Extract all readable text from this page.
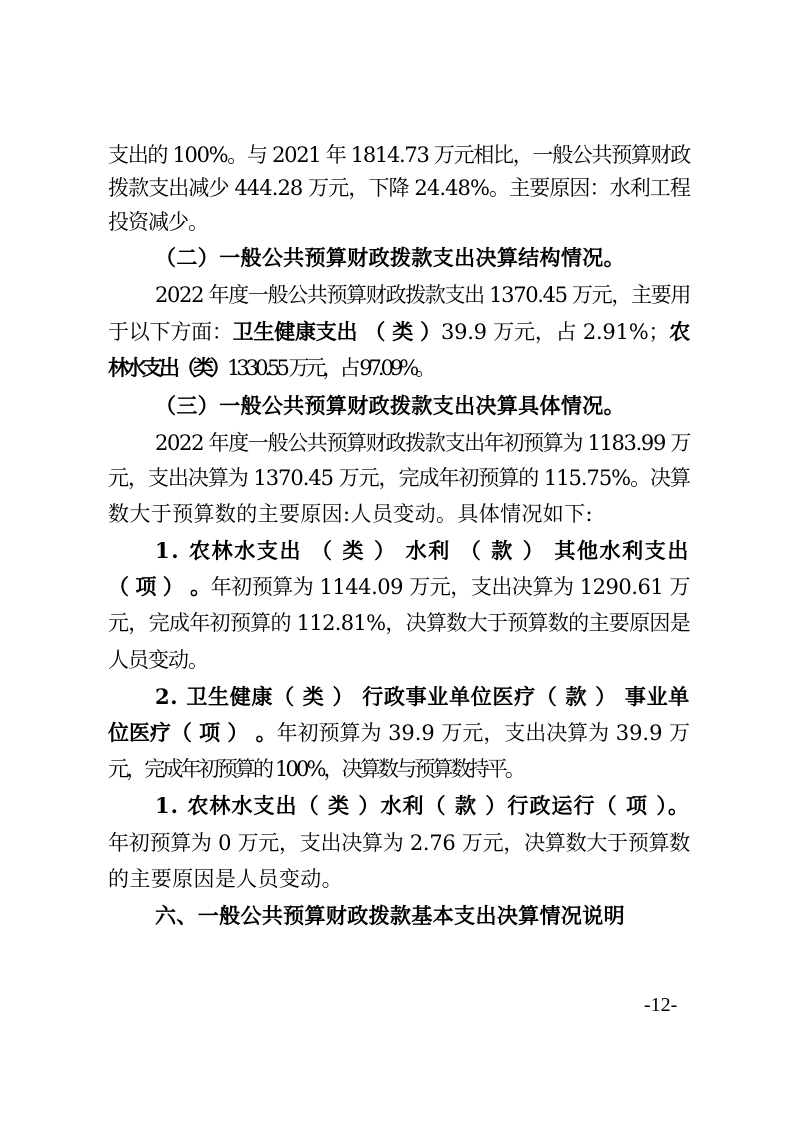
支出的 100%。与 2021 年 1814.73 万元相比，一般公共预算财政
拨款支出减少 444.28 万元，下降 24.48%。主要原因：水利工程
投资减少。
（二）一般公共预算财政拨款支出决算结构情况。
2022 年度一般公共预算财政拨款支出 1370.45 万元，主要用
于以下方面：卫生健康支出 （ 类 ）39.9 万元，占 2.91%；农
林水支出（类）1330.55 万元，占 97.09%。
（三）一般公共预算财政拨款支出决算具体情况。
2022 年度一般公共预算财政拨款支出年初预算为 1183.99 万
元，支出决算为 1370.45 万元，完成年初预算的 115.75%。决算
数大于预算数的主要原因:人员变动。具体情况如下:
1. 农林水支出 （ 类 ） 水利 （ 款 ） 其他水利支出
（ 项 ） 。年初预算为 1144.09 万元，支出决算为 1290.61 万
元，完成年初预算的 112.81%，决算数大于预算数的主要原因是
人员变动。
2. 卫生健康（ 类 ） 行政事业单位医疗（ 款 ） 事业单
位医疗（ 项 ） 。年初预算为 39.9 万元，支出决算为 39.9 万
元，完成年初预算的 100%，决算数与预算数持平。
1. 农林水支出（ 类 ）水利（ 款 ）行政运行（ 项 ）。
年初预算为 0 万元，支出决算为 2.76 万元，决算数大于预算数
的主要原因是人员变动。
六、一般公共预算财政拨款基本支出决算情况说明
-12-
